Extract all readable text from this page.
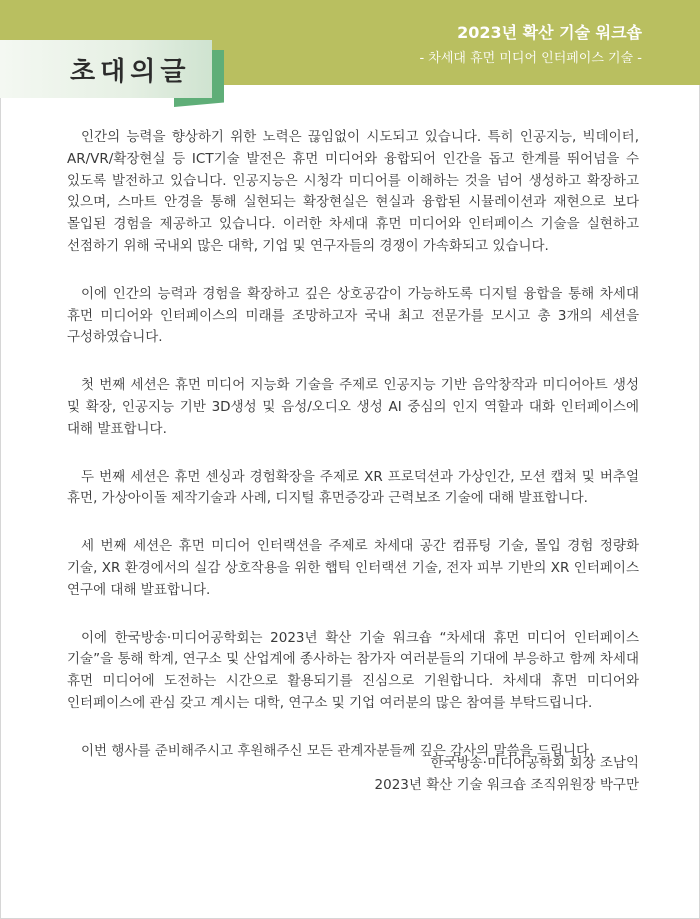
2023년 확산 기술 워크숍
- 차세대 휴먼 미디어 인터페이스 기술 -
초대의글

인간의 능력을 향상하기 위한 노력은 끊임없이 시도되고 있습니다. 특히 인공지능, 빅데이터, AR/VR/확장현실 등 ICT기술 발전은 휴먼 미디어와 융합되어 인간을 돕고 한계를 뛰어넘을 수 있도록 발전하고 있습니다. 인공지능은 시청각 미디어를 이해하는 것을 넘어 생성하고 확장하고 있으며, 스마트 안경을 통해 실현되는 확장현실은 현실과 융합된 시뮬레이션과 재현으로 보다 몰입된 경험을 제공하고 있습니다. 이러한 차세대 휴먼 미디어와 인터페이스 기술을 실현하고 선점하기 위해 국내외 많은 대학, 기업 및 연구자들의 경쟁이 가속화되고 있습니다.

이에 인간의 능력과 경험을 확장하고 깊은 상호공감이 가능하도록 디지털 융합을 통해 차세대 휴먼 미디어와 인터페이스의 미래를 조망하고자 국내 최고 전문가를 모시고 총 3개의 세션을 구성하였습니다.

첫 번째 세션은 휴먼 미디어 지능화 기술을 주제로 인공지능 기반 음악창작과 미디어아트 생성 및 확장, 인공지능 기반 3D생성 및 음성/오디오 생성 AI 중심의 인지 역할과 대화 인터페이스에 대해 발표합니다.

두 번째 세션은 휴먼 센싱과 경험확장을 주제로 XR 프로덕션과 가상인간, 모션 캡쳐 및 버추얼 휴먼, 가상아이돌 제작기술과 사례, 디지털 휴먼증강과 근력보조 기술에 대해 발표합니다.

세 번째 세션은 휴먼 미디어 인터랙션을 주제로 차세대 공간 컴퓨팅 기술, 몰입 경험 정량화 기술, XR 환경에서의 실감 상호작용을 위한 햅틱 인터랙션 기술, 전자 피부 기반의 XR 인터페이스 연구에 대해 발표합니다.

이에 한국방송·미디어공학회는 2023년 확산 기술 워크숍 “차세대 휴먼 미디어 인터페이스 기술”을 통해 학계, 연구소 및 산업계에 종사하는 참가자 여러분들의 기대에 부응하고 함께 차세대 휴먼 미디어에 도전하는 시간으로 활용되기를 진심으로 기원합니다. 차세대 휴먼 미디어와 인터페이스에 관심 갖고 계시는 대학, 연구소 및 기업 여러분의 많은 참여를 부탁드립니다.

이번 행사를 준비해주시고 후원해주신 모든 관계자분들께 깊은 감사의 말씀을 드립니다.

한국방송·미디어공학회 회장 조남익
2023년 확산 기술 워크숍 조직위원장 박구만
